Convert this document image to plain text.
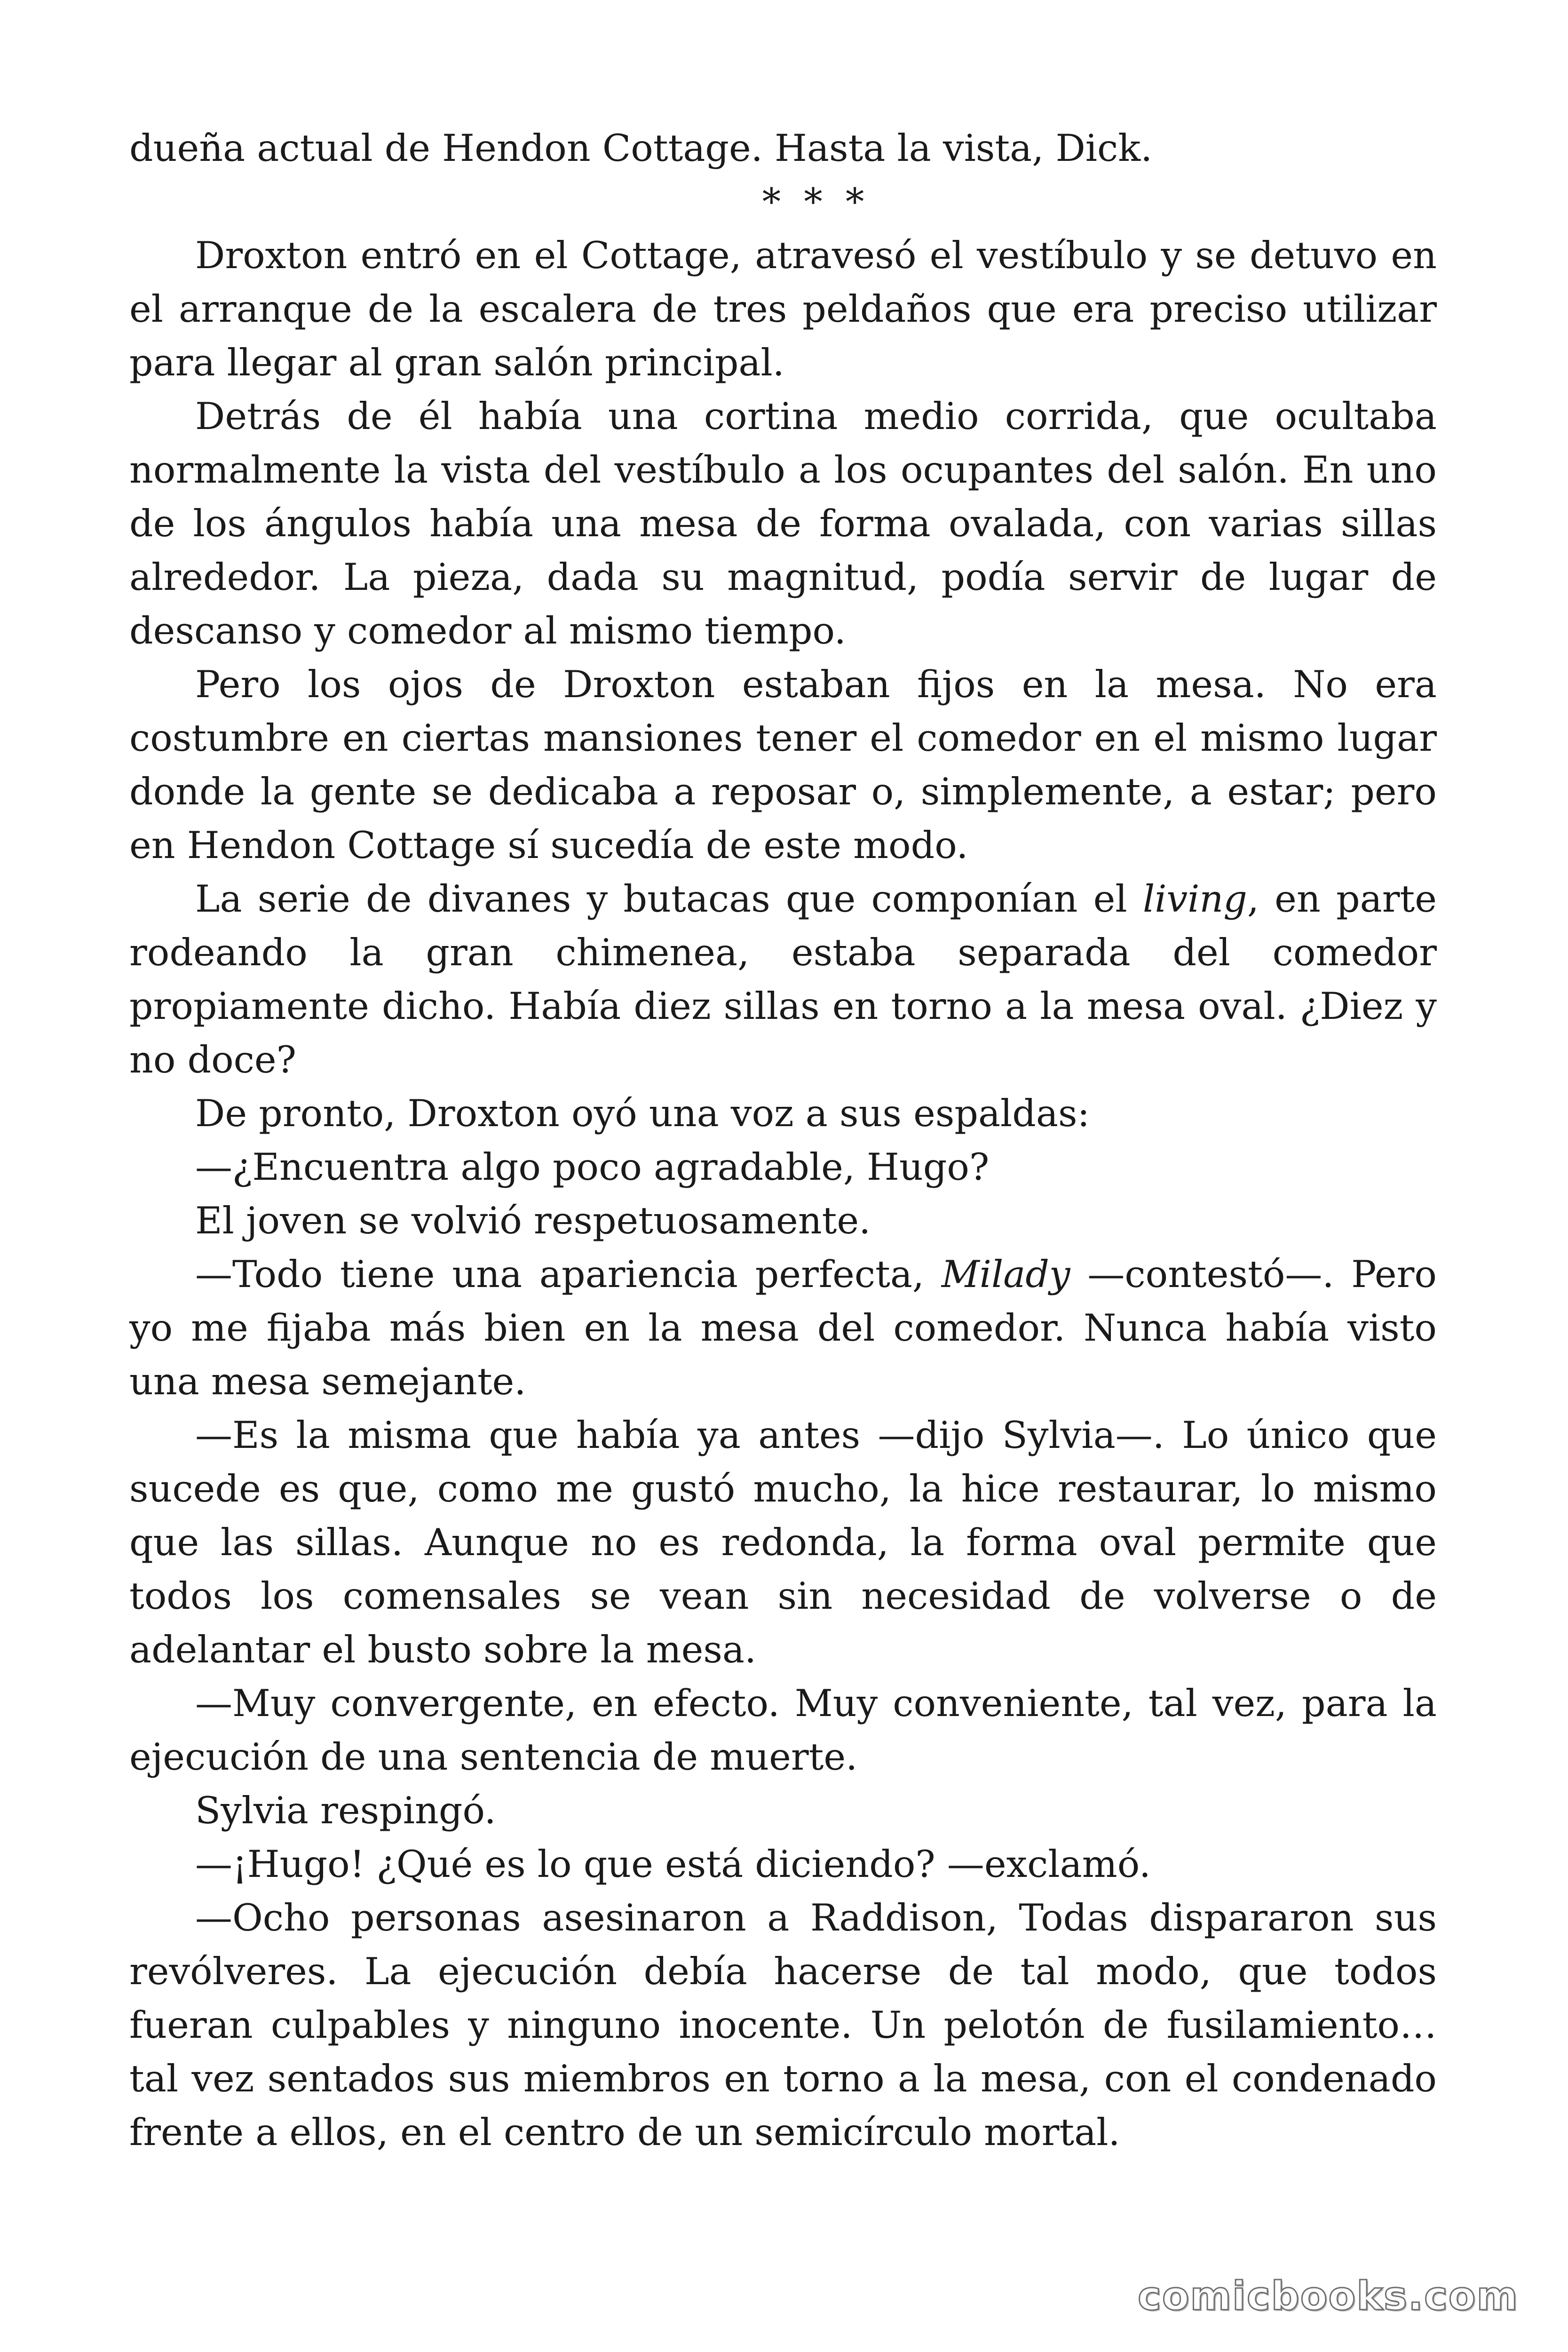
dueña actual de Hendon Cottage. Hasta la vista, Dick.

* * *

Droxton entró en el Cottage, atravesó el vestíbulo y se detuvo en el arranque de la escalera de tres peldaños que era preciso utilizar para llegar al gran salón principal.

Detrás de él había una cortina medio corrida, que ocultaba normalmente la vista del vestíbulo a los ocupantes del salón. En uno de los ángulos había una mesa de forma ovalada, con varias sillas alrededor. La pieza, dada su magnitud, podía servir de lugar de descanso y comedor al mismo tiempo.

Pero los ojos de Droxton estaban fijos en la mesa. No era costumbre en ciertas mansiones tener el comedor en el mismo lugar donde la gente se dedicaba a reposar o, simplemente, a estar; pero en Hendon Cottage sí sucedía de este modo.

La serie de divanes y butacas que componían el living, en parte rodeando la gran chimenea, estaba separada del comedor propiamente dicho. Había diez sillas en torno a la mesa oval. ¿Diez y no doce?

De pronto, Droxton oyó una voz a sus espaldas:

—¿Encuentra algo poco agradable, Hugo?

El joven se volvió respetuosamente.

—Todo tiene una apariencia perfecta, Milady —contestó—. Pero yo me fijaba más bien en la mesa del comedor. Nunca había visto una mesa semejante.

—Es la misma que había ya antes —dijo Sylvia—. Lo único que sucede es que, como me gustó mucho, la hice restaurar, lo mismo que las sillas. Aunque no es redonda, la forma oval permite que todos los comensales se vean sin necesidad de volverse o de adelantar el busto sobre la mesa.

—Muy convergente, en efecto. Muy conveniente, tal vez, para la ejecución de una sentencia de muerte.

Sylvia respingó.

—¡Hugo! ¿Qué es lo que está diciendo? —exclamó.

—Ocho personas asesinaron a Raddison, Todas dispararon sus revólveres. La ejecución debía hacerse de tal modo, que todos fueran culpables y ninguno inocente. Un pelotón de fusilamiento… tal vez sentados sus miembros en torno a la mesa, con el condenado frente a ellos, en el centro de un semicírculo mortal.

comicbooks.com
